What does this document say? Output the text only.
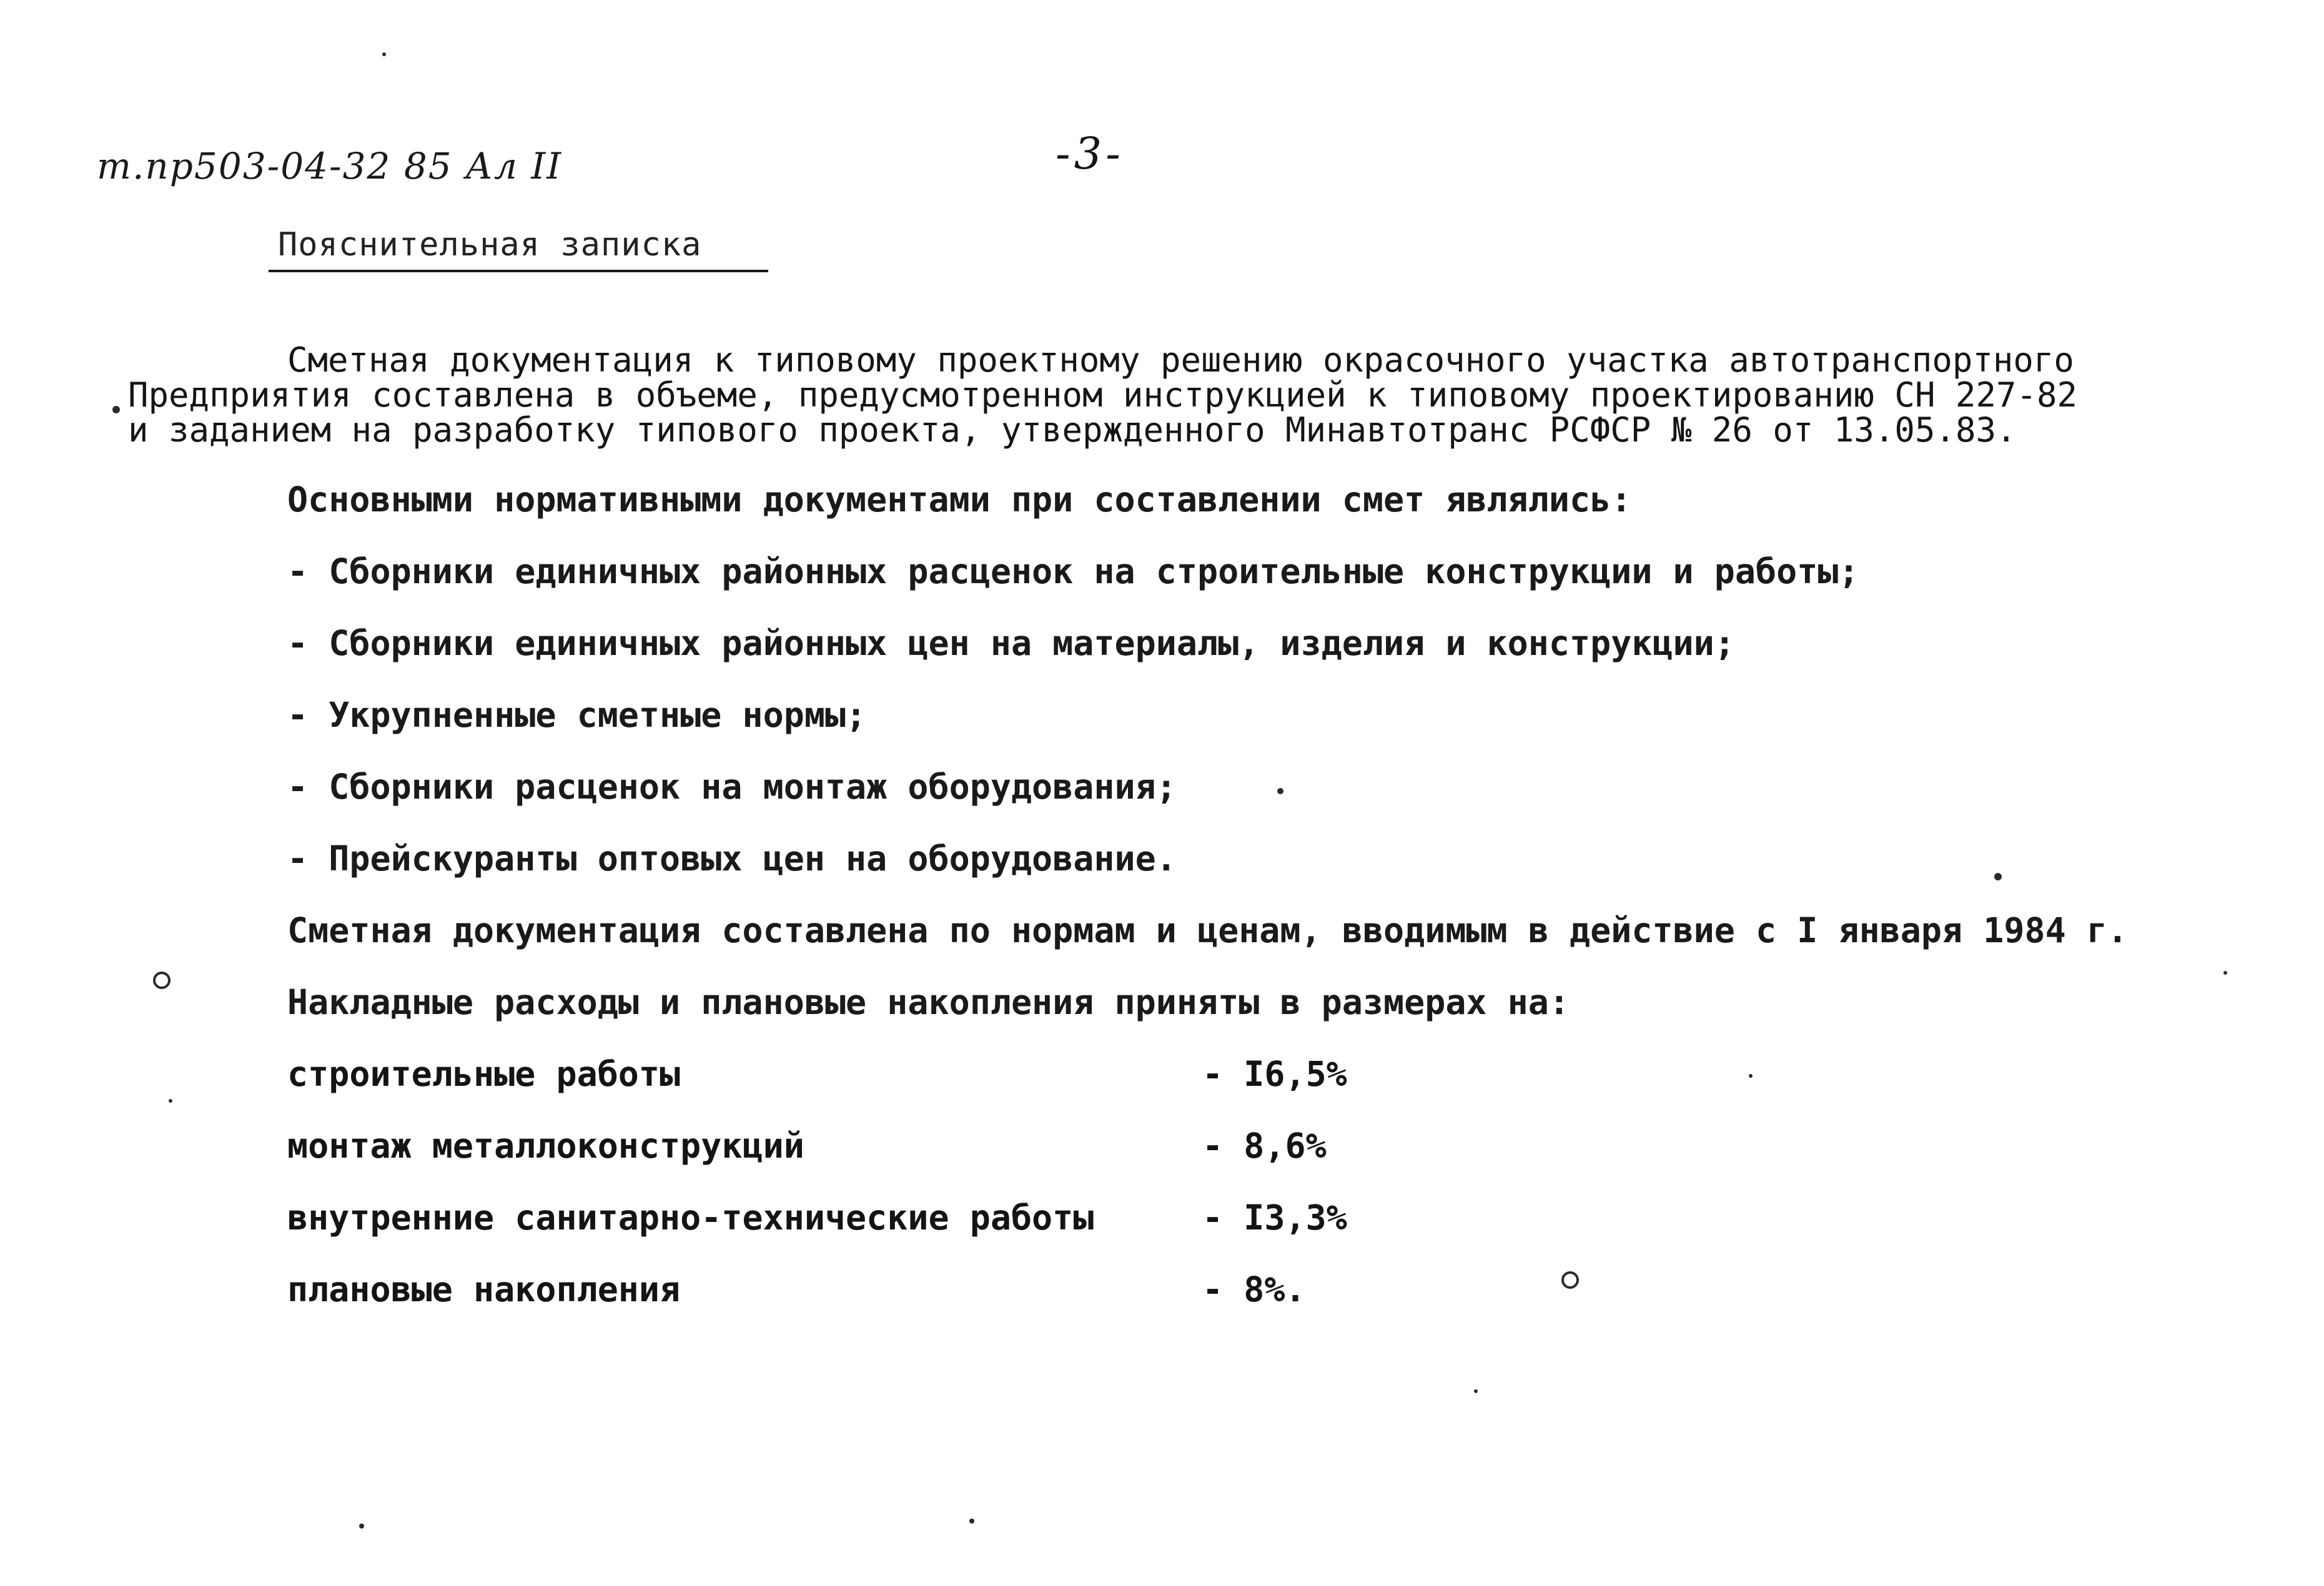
т.пр503-04-32 85 Ал II	-3-
Пояснительная записка
Сметная документация к типовому проектному решению окрасочного участка автотранспортного
Предприятия составлена в объеме, предусмотренном инструкцией к типовому проектированию СН 227-82
и заданием на разработку типового проекта, утвержденного Минавтотранс РСФСР № 26 от 13.05.83.
Основными нормативными документами при составлении смет являлись:
- Сборники единичных районных расценок на строительные конструкции и работы;
- Сборники единичных районных цен на материалы, изделия и конструкции;
- Укрупненные сметные нормы;
- Сборники расценок на монтаж оборудования;
- Прейскуранты оптовых цен на оборудование.
Сметная документация составлена по нормам и ценам, вводимым в действие с I января 1984 г.
Накладные расходы и плановые накопления приняты в размерах на:
строительные работы	- I6,5%
монтаж металлоконструкций	- 8,6%
внутренние санитарно-технические работы	- I3,3%
плановые накопления	- 8%.
